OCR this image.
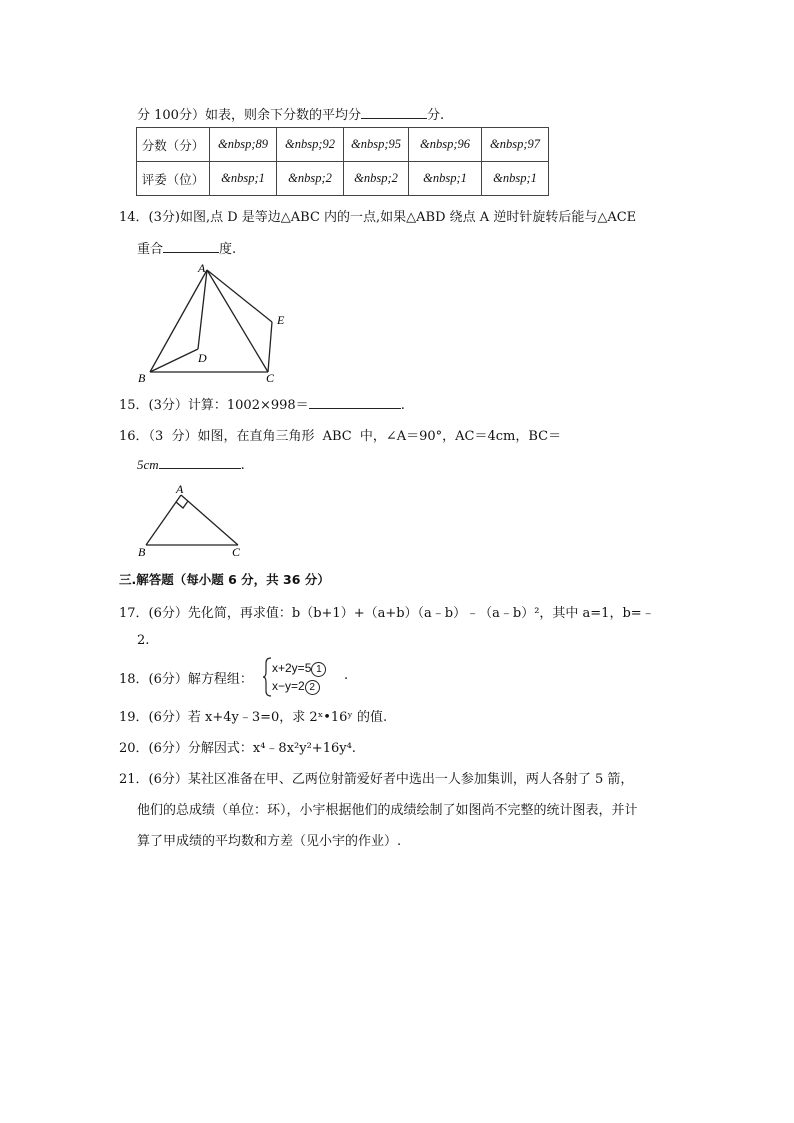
分 100分）如表，则余下分数的平均分	分.
分数（分）	&nbsp;89	&nbsp;92	&nbsp;95	&nbsp;96	&nbsp;97
评委（位）	&nbsp;1	&nbsp;2	&nbsp;2	&nbsp;1	&nbsp;1
14．(3分)如图,点 D 是等边△ABC 内的一点,如果△ABD 绕点 A 逆时针旋转后能与△ACE
重合	度.
A
B	C
D
E
15．(3分）计算：1002×998＝	.
16．（3 分）如图，在直角三角形 ABC 中，∠A＝90°，AC＝4cm，BC＝
5cm	.
A
B	C
三.解答题（每小题 6 分，共 36 分）
17．(6分）先化简，再求值：b（b+1）+（a+b）（a﹣b）﹣（a﹣b）²，其中 a=1，b=﹣
2.
18．(6分）解方程组：
x+2y=5 1
x−y=2 2
.
19．(6分）若 x+4y﹣3=0，求 2ˣ•16ʸ 的值.
20．(6分）分解因式：x⁴﹣8x²y²+16y⁴.
21．(6分）某社区准备在甲、乙两位射箭爱好者中选出一人参加集训，两人各射了 5 箭，
他们的总成绩（单位：环），小宇根据他们的成绩绘制了如图尚不完整的统计图表，并计
算了甲成绩的平均数和方差（见小宇的作业）.
